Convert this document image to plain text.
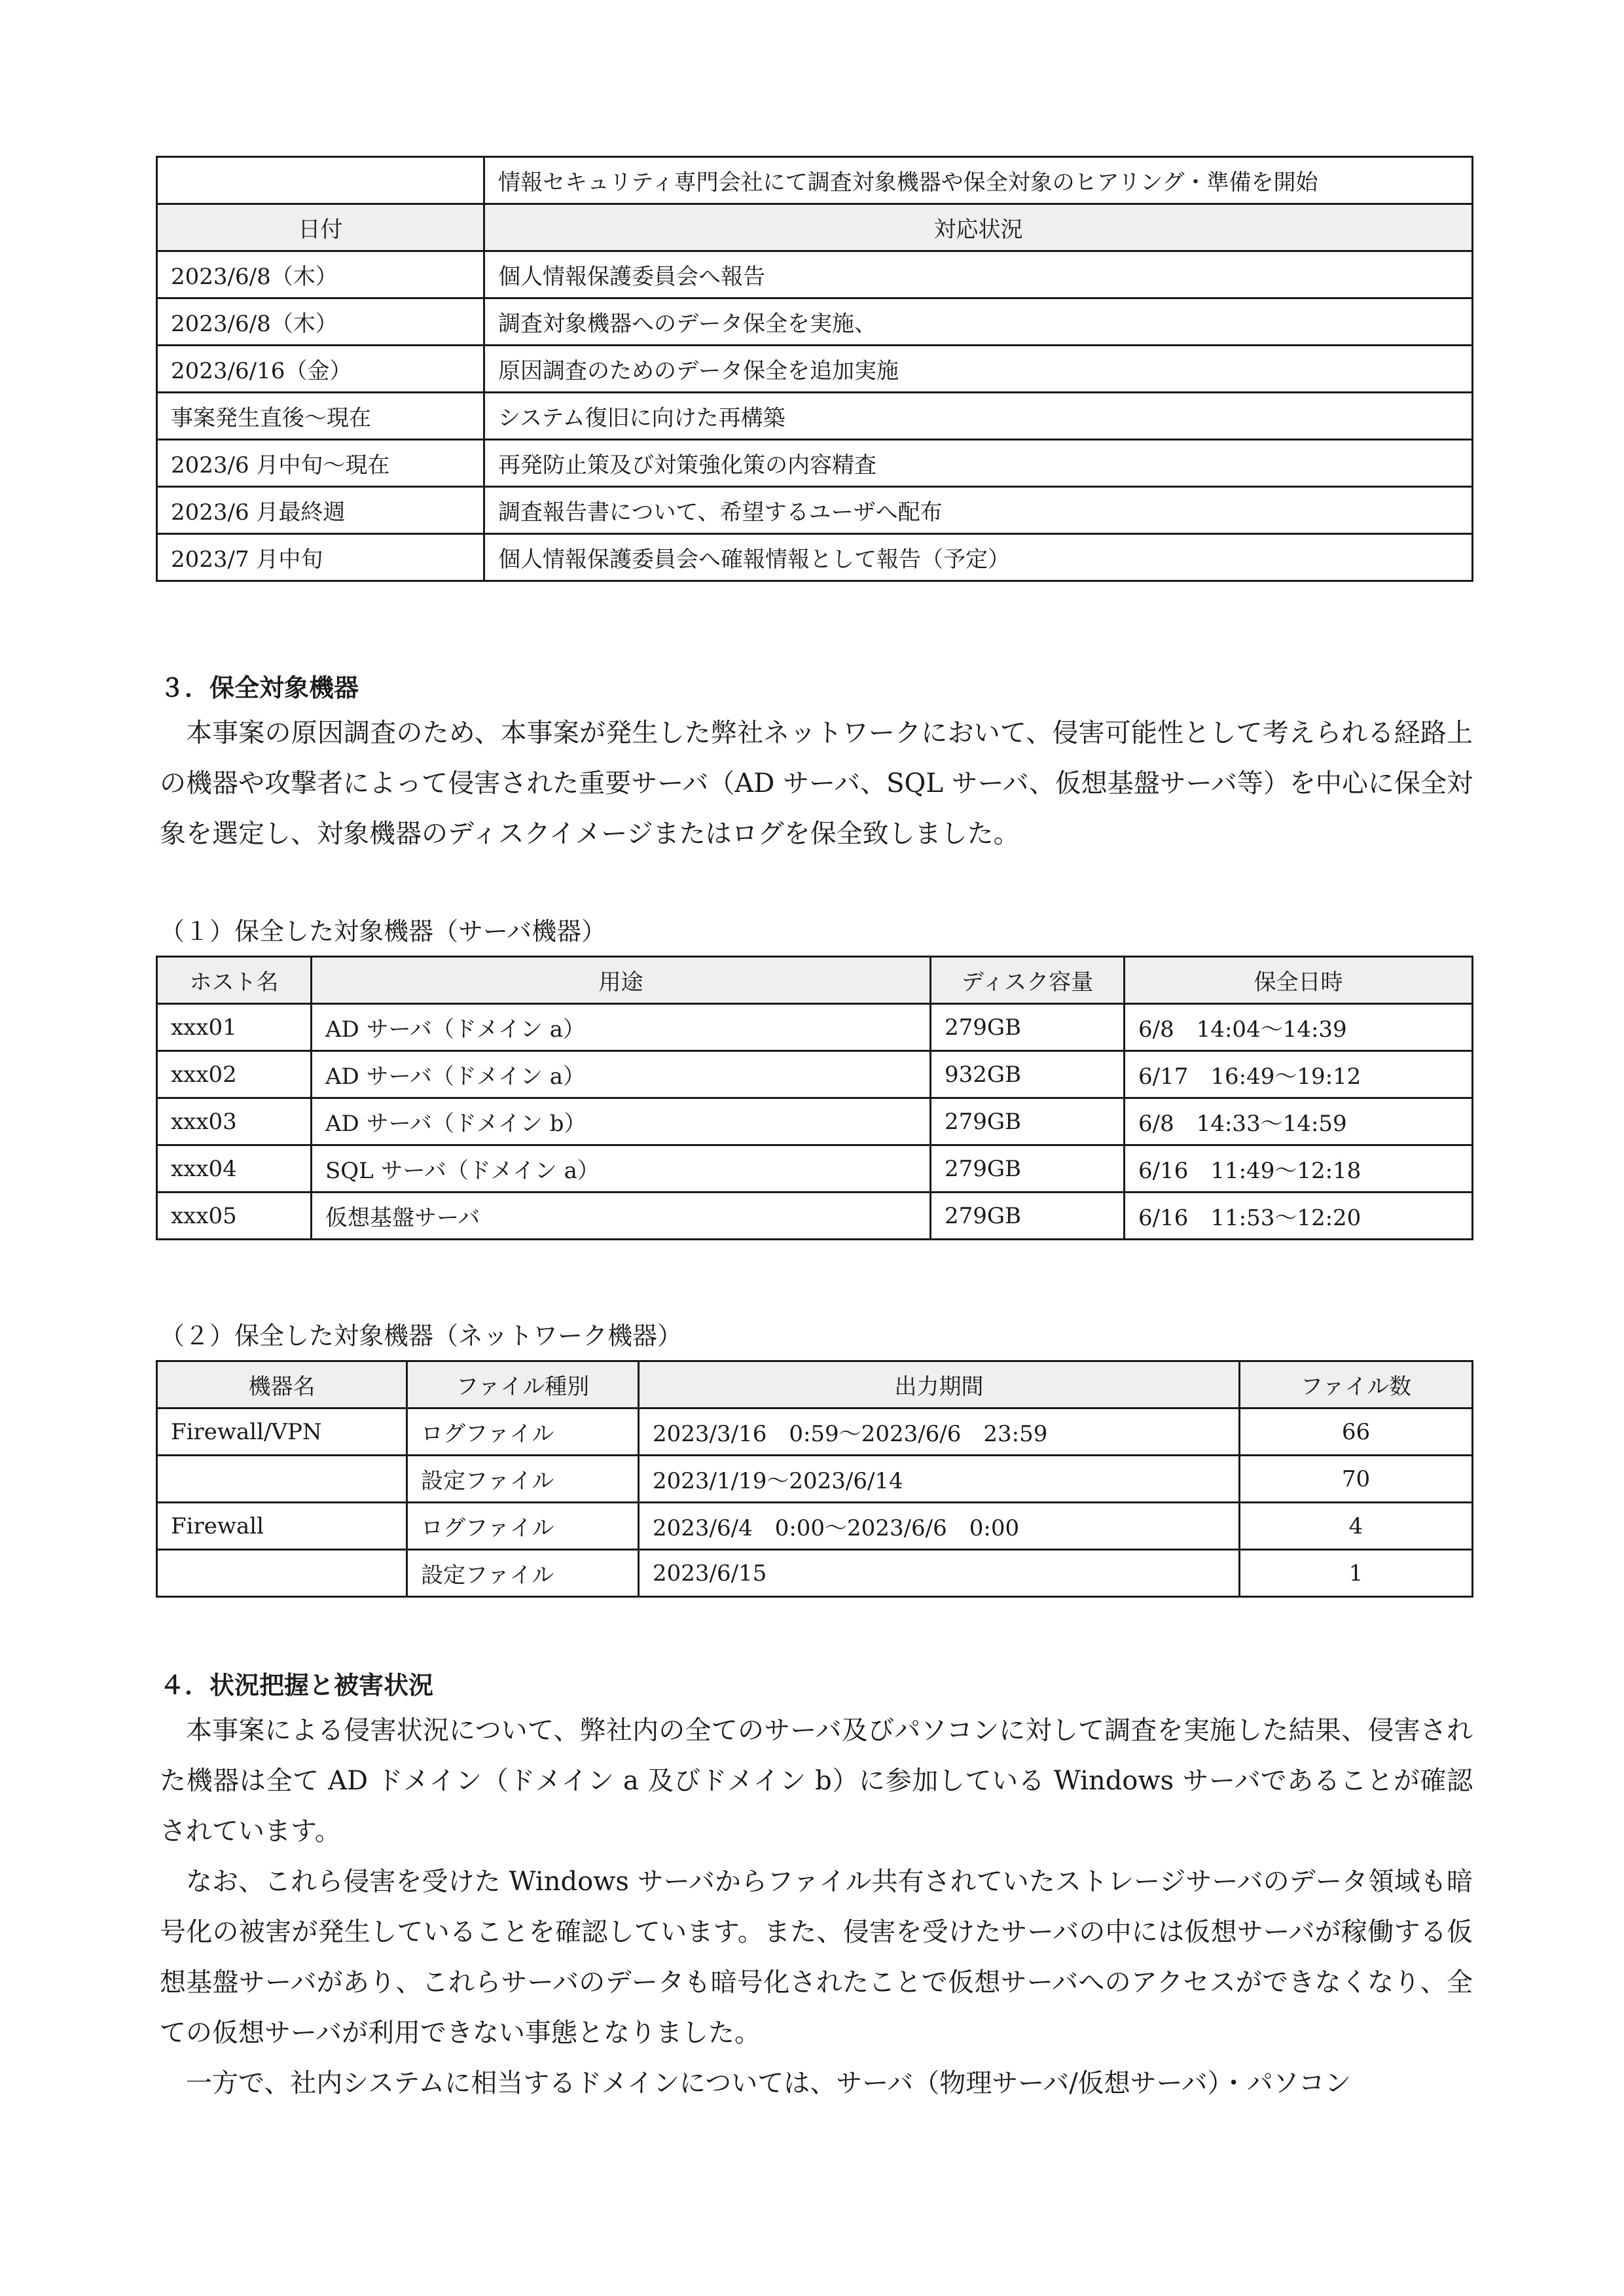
	情報セキュリティ専門会社にて調査対象機器や保全対象のヒアリング・準備を開始
日付	対応状況
2023/6/8（木）	個人情報保護委員会へ報告
2023/6/8（木）	調査対象機器へのデータ保全を実施、
2023/6/16（金）	原因調査のためのデータ保全を追加実施
事案発生直後～現在	システム復旧に向けた再構築
2023/6 月中旬～現在	再発防止策及び対策強化策の内容精査
2023/6 月最終週	調査報告書について、希望するユーザへ配布
2023/7 月中旬	個人情報保護委員会へ確報情報として報告（予定）
３．保全対象機器

本事案の原因調査のため、本事案が発生した弊社ネットワークにおいて、侵害可能性として考えられる経路上の機器や攻撃者によって侵害された重要サーバ（AD サーバ、SQL サーバ、仮想基盤サーバ等）を中心に保全対象を選定し、対象機器のディスクイメージまたはログを保全致しました。

（１）保全した対象機器（サーバ機器）
ホスト名	用途	ディスク容量	保全日時
xxx01	AD サーバ（ドメイン a）	279GB	6/8　14:04～14:39
xxx02	AD サーバ（ドメイン a）	932GB	6/17　16:49～19:12
xxx03	AD サーバ（ドメイン b）	279GB	6/8　14:33～14:59
xxx04	SQL サーバ（ドメイン a）	279GB	6/16　11:49～12:18
xxx05	仮想基盤サーバ	279GB	6/16　11:53～12:20
（２）保全した対象機器（ネットワーク機器）
機器名	ファイル種別	出力期間	ファイル数
Firewall/VPN	ログファイル	2023/3/16　0:59～2023/6/6　23:59	66
	設定ファイル	2023/1/19～2023/6/14	70
Firewall	ログファイル	2023/6/4　0:00～2023/6/6　0:00	4
	設定ファイル	2023/6/15	1
４．状況把握と被害状況

本事案による侵害状況について、弊社内の全てのサーバ及びパソコンに対して調査を実施した結果、侵害された機器は全て AD ドメイン（ドメイン a 及びドメイン b）に参加している Windows サーバであることが確認されています。

なお、これら侵害を受けた Windows サーバからファイル共有されていたストレージサーバのデータ領域も暗号化の被害が発生していることを確認しています。また、侵害を受けたサーバの中には仮想サーバが稼働する仮想基盤サーバがあり、これらサーバのデータも暗号化されたことで仮想サーバへのアクセスができなくなり、全ての仮想サーバが利用できない事態となりました。

一方で、社内システムに相当するドメインについては、サーバ（物理サーバ/仮想サーバ）・パソコン
